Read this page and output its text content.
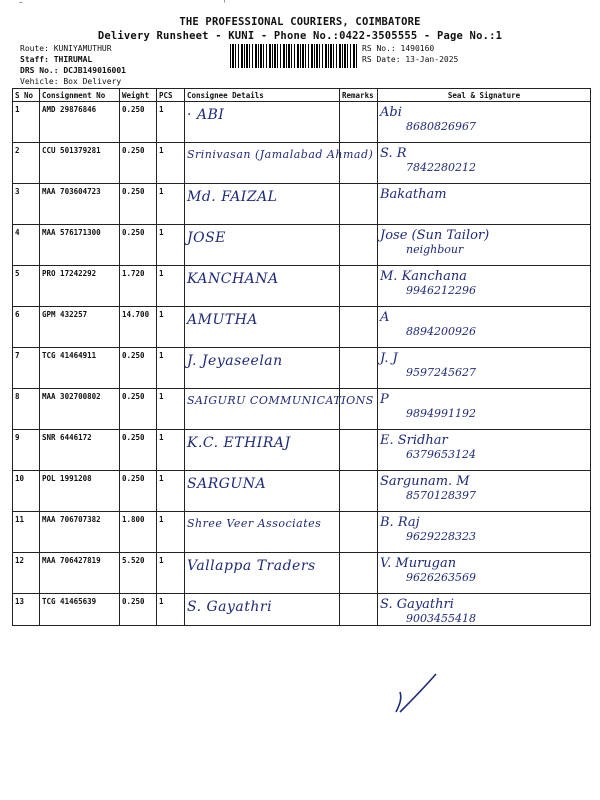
˘	ˈ
THE PROFESSIONAL COURIERS, COIMBATORE
Delivery Runsheet - KUNI - Phone No.:0422-3505555 - Page No.:1
Route: KUNIYAMUTHUR
Staff: THIRUMAL
DRS No.: DCJB149016001
Vehicle: Box Delivery
RS No.: 1490160
RS Date: 13-Jan-2025
S No	Consignment No	Weight	PCS	Consignee Details	Remarks	Seal & Signature
1	AMD 29876846	0.250	1	· ABI		Abi
8680826967

2	CCU 501379281	0.250	1	Srinivasan (Jamalabad Ahmad)		S. R
7842280212

3	MAA 703604723	0.250	1	Md. FAIZAL		Bakatham

4	MAA 576171300	0.250	1	JOSE		Jose (Sun Tailor)
neighbour

5	PRO 17242292	1.720	1	KANCHANA		M. Kanchana
9946212296

6	GPM 432257	14.700	1	AMUTHA		A
8894200926

7	TCG 41464911	0.250	1	J. Jeyaseelan		J. J
9597245627

8	MAA 302700802	0.250	1	SAIGURU COMMUNICATIONS		P
9894991192

9	SNR 6446172	0.250	1	K.C. ETHIRAJ		E. Sridhar
6379653124

10	POL 1991208	0.250	1	SARGUNA		Sargunam. M
8570128397

11	MAA 706707382	1.800	1	Shree Veer Associates		B. Raj
9629228323

12	MAA 706427819	5.520	1	Vallappa Traders		V. Murugan
9626263569

13	TCG 41465639	0.250	1	S. Gayathri		S. Gayathri
9003455418
